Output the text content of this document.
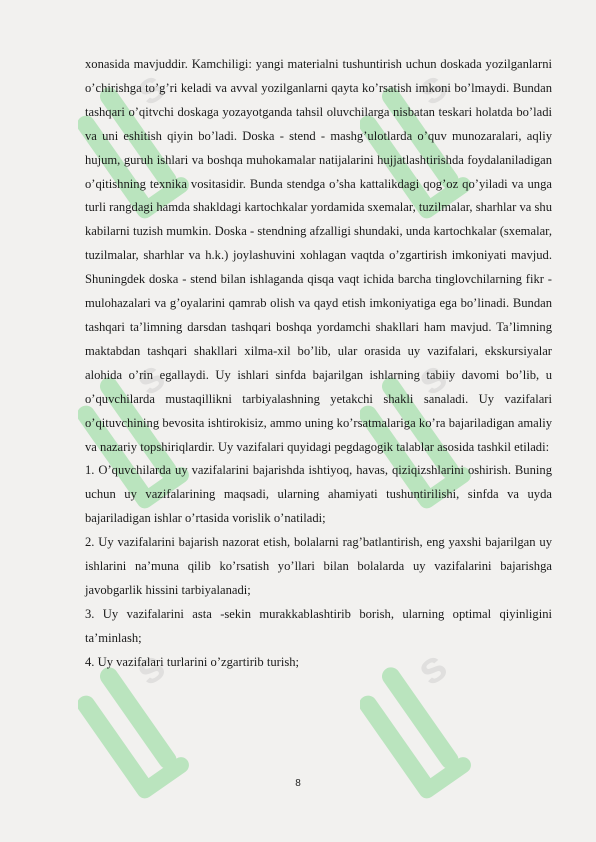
s	s
s	s
s	s

xonasida mavjuddir. Kamchiligi: yangi materialni tushuntirish uchun doskada yozilganlarni o’chirishga to’g’ri keladi va avval yozilganlarni qayta ko’rsatish imkoni bo’lmaydi. Bundan tashqari o’qitvchi doskaga yozayotganda tahsil oluvchilarga nisbatan teskari holatda bo’ladi va uni eshitish qiyin bo’ladi. Doska - stend - mashg’ulotlarda o’quv munozaralari, aqliy hujum, guruh ishlari va boshqa muhokamalar natijalarini hujjatlashtirishda foydalaniladigan o’qitishning texnika vositasidir. Bunda stendga o’sha kattalikdagi qog’oz qo’yiladi va unga turli rangdagi hamda shakldagi kartochkalar yordamida sxemalar, tuzilmalar, sharhlar va shu kabilarni tuzish mumkin. Doska - stendning afzalligi shundaki, unda kartochkalar (sxemalar, tuzilmalar, sharhlar va h.k.) joylashuvini xohlagan vaqtda o’zgartirish imkoniyati mavjud. Shuningdek doska - stend bilan ishlaganda qisqa vaqt ichida barcha tinglovchilarning fikr - mulohazalari va g’oyalarini qamrab olish va qayd etish imkoniyatiga ega bo’linadi. Bundan tashqari ta’limning darsdan tashqari boshqa yordamchi shakllari ham mavjud. Ta’limning maktabdan tashqari shakllari xilma-xil bo’lib, ular orasida uy vazifalari, ekskursiyalar alohida o’rin egallaydi. Uy ishlari sinfda bajarilgan ishlarning tabiiy davomi bo’lib, u o’quvchilarda mustaqillikni tarbiyalashning yetakchi shakli sanaladi. Uy vazifalari o’qituvchining bevosita ishtirokisiz, ammo uning ko’rsatmalariga ko’ra bajariladigan amaliy va nazariy topshiriqlardir. Uy vazifalari quyidagi pegdagogik talablar asosida tashkil etiladi:

1. O’quvchilarda uy vazifalarini bajarishda ishtiyoq, havas, qiziqizshlarini oshirish. Buning uchun uy vazifalarining maqsadi, ularning ahamiyati tushuntirilishi, sinfda va uyda bajariladigan ishlar o’rtasida vorislik o’natiladi;

2. Uy vazifalarini bajarish nazorat etish, bolalarni rag’batlantirish, eng yaxshi bajarilgan uy ishlarini na’muna qilib ko’rsatish yo’llari bilan bolalarda uy vazifalarini bajarishga javobgarlik hissini tarbiyalanadi;

3. Uy vazifalarini asta -sekin murakkablashtirib borish, ularning optimal qiyinligini ta’minlash;

4. Uy vazifalari turlarini o’zgartirib turish;

8
